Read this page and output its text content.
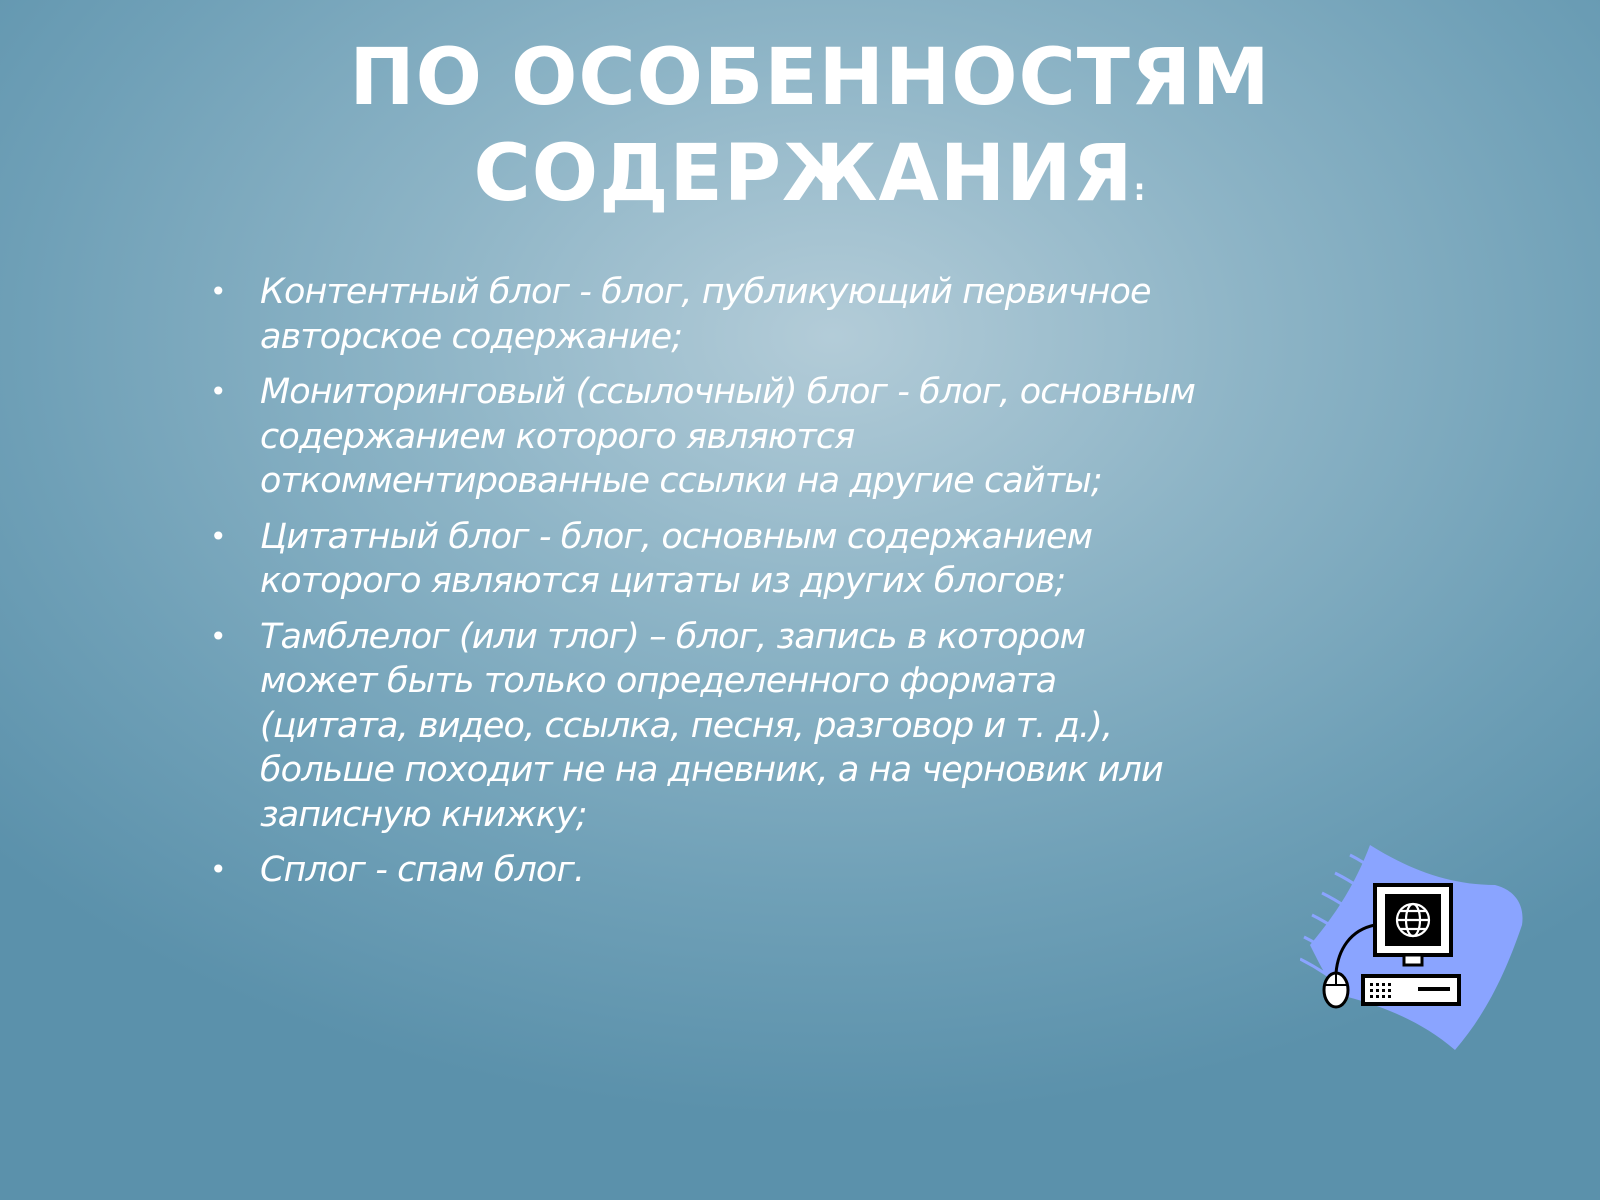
ПО ОСОБЕННОСТЯМ
СОДЕРЖАНИЯ:
• Контентный блог - блог, публикующий первичное
авторское содержание;
• Мониторинговый (ссылочный) блог - блог, основным
содержанием которого являются
откомментированные ссылки на другие сайты;
• Цитатный блог - блог, основным содержанием
которого являются цитаты из других блогов;
• Тамблелог (или тлог) – блог, запись в котором
может быть только определенного формата
(цитата, видео, ссылка, песня, разговор и т. д.),
больше походит не на дневник, а на черновик или
записную книжку;
• Сплог - спам блог.
